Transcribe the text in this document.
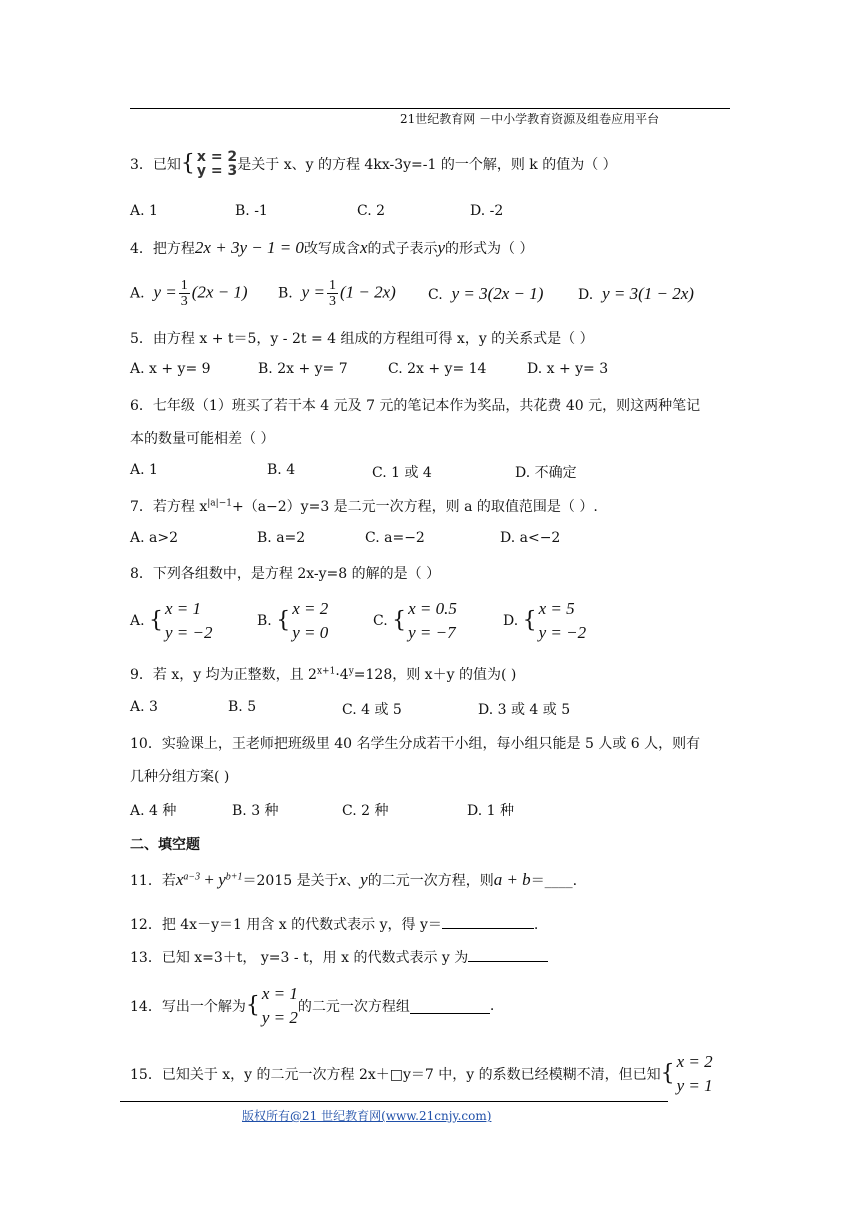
21世纪教育网 －中小学教育资源及组卷应用平台
3．已知 { x = 2
y = 3 是关于 x、y 的方程 4kx-3y=-1 的一个解，则 k 的值为（ ）
A. 1	B. -1	C. 2	D. -2
4．把方程2x + 3y − 1 = 0改写成含x的式子表示y的形式为（ ）
A. $y = \frac{1}{3} (2x - 1)$ B. $y = \frac{1}{3} (1 - 2x)$ C. y = 3(2x − 1) D. y = 3(1 − 2x)
5．由方程 x + t＝5，y - 2t = 4 组成的方程组可得 x，y 的关系式是（ ）
A. x + y= 9	B. 2x + y= 7	C. 2x + y= 14	D. x + y= 3
6．七年级（1）班买了若干本 4 元及 7 元的笔记本作为奖品，共花费 40 元，则这两种笔记
本的数量可能相差（ ）
A. 1	B. 4	C. 1 或 4	D. 不确定
7．若方程 $x^{|a|-1}+(a-2)y=3$ 是二元一次方程，则 a 的取值范围是（ ）.
A. a>2	B. a=2	C. a=−2	D. a<−2
8．下列各组数中，是方程 2x-y=8 的解的是（ ）
A.
{ x = 1
y = −2
B.
{ x = 2
y = 0
C.
{ x = 0.5
y = −7
D.
{ x = 5
y = −2
9．若 x，y 均为正整数，且 $2^{x+1}\cdot 4^y=128$，则 x＋y 的值为( )
A. 3	B. 5	C. 4 或 5	D. 3 或 4 或 5
10．实验课上，王老师把班级里 40 名学生分成若干小组，每小组只能是 5 人或 6 人，则有
几种分组方案( )
A. 4 种	B. 3 种	C. 2 种	D. 1 种
二、填空题
11．若$x^{a-3} + y^{b+1}=2015$ 是关于x、y的二元一次方程，则a + b＝____.
12．把 4x－y＝1 用含 x 的代数式表示 y，得 y＝	.
13．已知 x=3＋t， y=3 - t，用 x 的代数式表示 y 为
14．写出一个解为 { x = 1
y = 2
的二元一次方程组	.
15．已知关于 x，y 的二元一次方程 2x＋□y＝7 中，y 的系数已经模糊不清，但已知 { x = 2
y = 1
版权所有@21 世纪教育网(www.21cnjy.com)
